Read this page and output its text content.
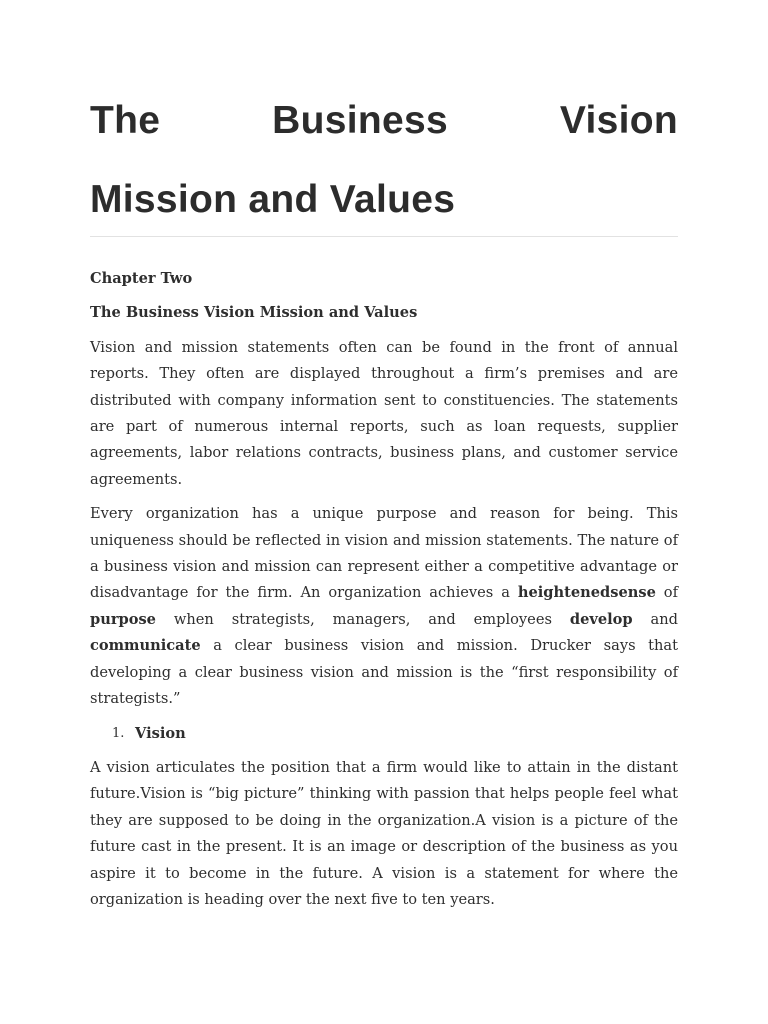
The Business Vision
Mission and Values

Chapter Two

The Business Vision Mission and Values

Vision and mission statements often can be found in the front of annual reports. They often are displayed throughout a firm’s premises and are distributed with company information sent to constituencies. The statements are part of numerous internal reports, such as loan requests, supplier agreements, labor relations contracts, business plans, and customer service agreements.

Every organization has a unique purpose and reason for being. This uniqueness should be reflected in vision and mission statements. The nature of a business vision and mission can represent either a competitive advantage or disadvantage for the firm. An organization achieves a heightenedsense of purpose when strategists, managers, and employees develop and communicate a clear business vision and mission. Drucker says that developing a clear business vision and mission is the “first responsibility of strategists.”

1. Vision

A vision articulates the position that a firm would like to attain in the distant future.Vision is “big picture” thinking with passion that helps people feel what they are supposed to be doing in the organization.A vision is a picture of the future cast in the present. It is an image or description of the business as you aspire it to become in the future. A vision is a statement for where the organization is heading over the next five to ten years.
